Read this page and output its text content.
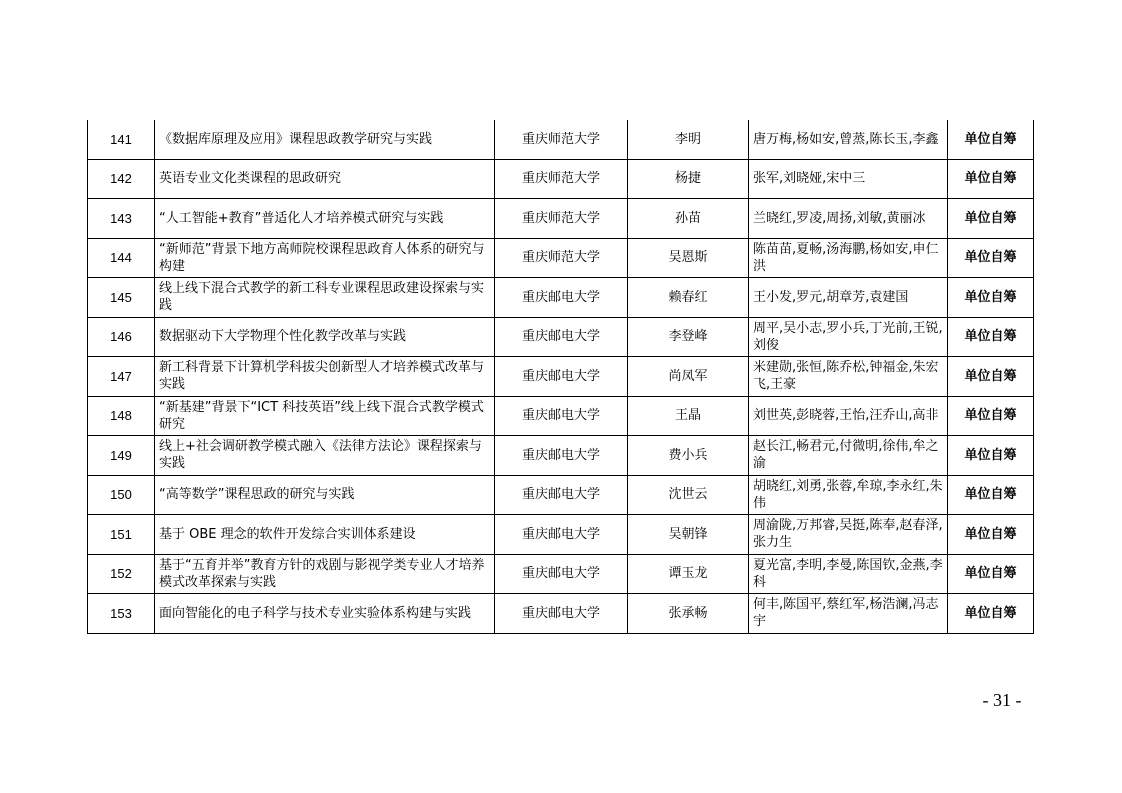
141	《数据库原理及应用》课程思政教学研究与实践	重庆师范大学	李明	唐万梅,杨如安,曾蒸,陈长玉,李鑫	单位自筹
142	英语专业文化类课程的思政研究	重庆师范大学	杨捷	张军,刘晓娅,宋中三	单位自筹
143	“人工智能+教育”普适化人才培养模式研究与实践	重庆师范大学	孙苗	兰晓红,罗凌,周扬,刘敏,黄丽冰	单位自筹
144	“新师范”背景下地方高师院校课程思政育人体系的研究与构建	重庆师范大学	吴恩斯	陈苗苗,夏畅,汤海鹏,杨如安,申仁洪	单位自筹
145	线上线下混合式教学的新工科专业课程思政建设探索与实践	重庆邮电大学	赖春红	王小发,罗元,胡章芳,袁建国	单位自筹
146	数据驱动下大学物理个性化教学改革与实践	重庆邮电大学	李登峰	周平,吴小志,罗小兵,丁光前,王锐,刘俊	单位自筹
147	新工科背景下计算机学科拔尖创新型人才培养模式改革与实践	重庆邮电大学	尚凤军	米建勋,张恒,陈乔松,钟福金,朱宏飞,王豪	单位自筹
148	“新基建”背景下“ICT 科技英语”线上线下混合式教学模式研究	重庆邮电大学	王晶	刘世英,彭晓蓉,王怡,汪乔山,高非	单位自筹
149	线上+社会调研教学模式融入《法律方法论》课程探索与实践	重庆邮电大学	费小兵	赵长江,畅君元,付微明,徐伟,牟之渝	单位自筹
150	“高等数学”课程思政的研究与实践	重庆邮电大学	沈世云	胡晓红,刘勇,张蓉,牟琼,李永红,朱伟	单位自筹
151	基于 OBE 理念的软件开发综合实训体系建设	重庆邮电大学	吴朝锋	周渝陇,万邦睿,吴挺,陈奉,赵春泽,张力生	单位自筹
152	基于“五育并举”教育方针的戏剧与影视学类专业人才培养模式改革探索与实践	重庆邮电大学	谭玉龙	夏光富,李明,李曼,陈国钦,金燕,李科	单位自筹
153	面向智能化的电子科学与技术专业实验体系构建与实践	重庆邮电大学	张承畅	何丰,陈国平,蔡红军,杨浩澜,冯志宇	单位自筹
- 31 -
